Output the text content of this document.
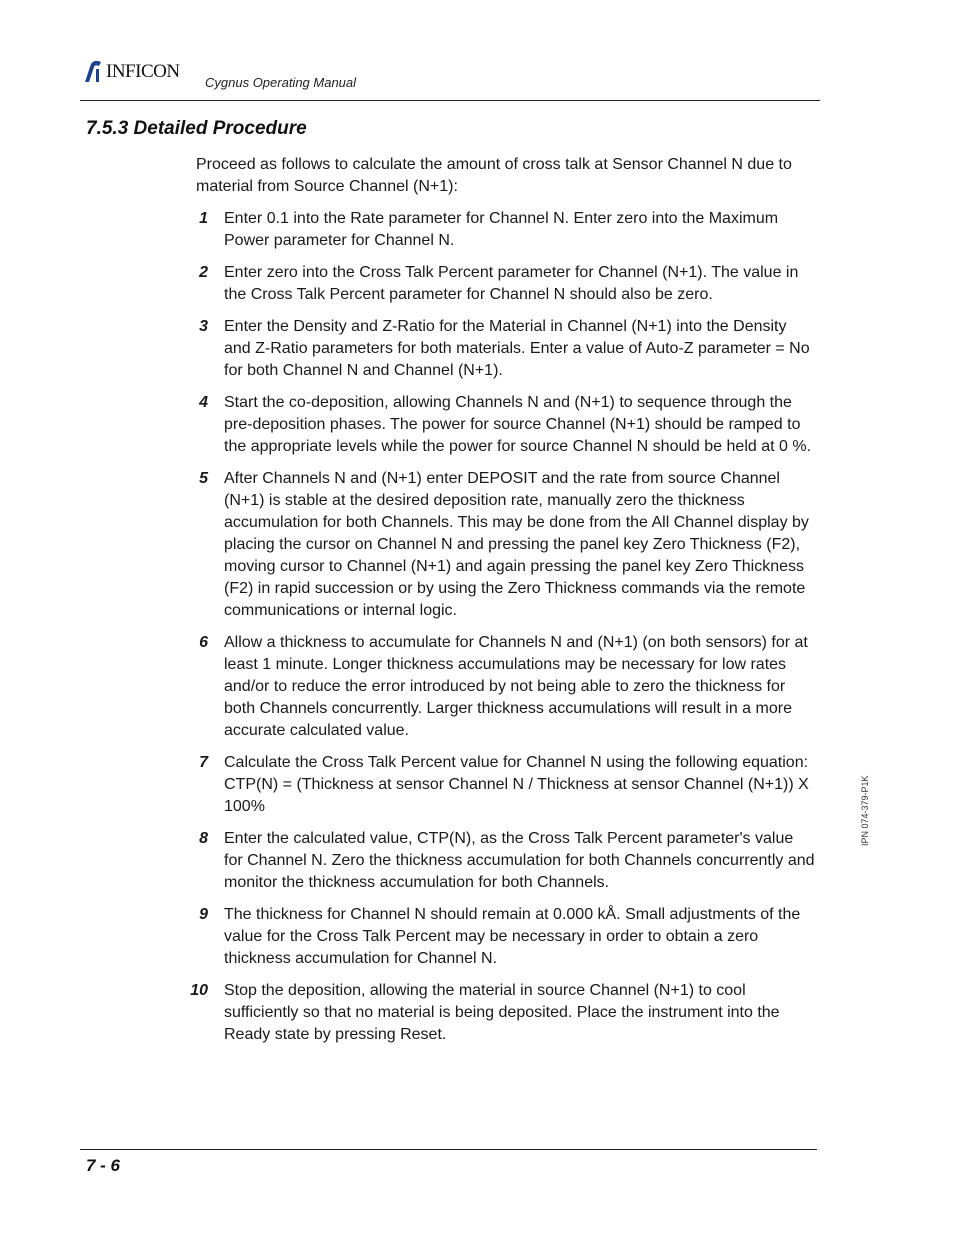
INFICON
Cygnus Operating Manual
7.5.3 Detailed Procedure

Proceed as follows to calculate the amount of cross talk at Sensor Channel N due to material from Source Channel (N+1):

1 Enter 0.1 into the Rate parameter for Channel N. Enter zero into the Maximum Power parameter for Channel N.
2 Enter zero into the Cross Talk Percent parameter for Channel (N+1). The value in the Cross Talk Percent parameter for Channel N should also be zero.
3 Enter the Density and Z-Ratio for the Material in Channel (N+1) into the Density and Z-Ratio parameters for both materials. Enter a value of Auto-Z parameter = No for both Channel N and Channel (N+1).
4 Start the co-deposition, allowing Channels N and (N+1) to sequence through the pre-deposition phases. The power for source Channel (N+1) should be ramped to the appropriate levels while the power for source Channel N should be held at 0 %.
5 After Channels N and (N+1) enter DEPOSIT and the rate from source Channel (N+1) is stable at the desired deposition rate, manually zero the thickness accumulation for both Channels. This may be done from the All Channel display by placing the cursor on Channel N and pressing the panel key Zero Thickness (F2), moving cursor to Channel (N+1) and again pressing the panel key Zero Thickness (F2) in rapid succession or by using the Zero Thickness commands via the remote communications or internal logic.
6 Allow a thickness to accumulate for Channels N and (N+1) (on both sensors) for at least 1 minute. Longer thickness accumulations may be necessary for low rates and/or to reduce the error introduced by not being able to zero the thickness for both Channels concurrently. Larger thickness accumulations will result in a more accurate calculated value.
7 Calculate the Cross Talk Percent value for Channel N using the following equation: CTP(N) = (Thickness at sensor Channel N / Thickness at sensor Channel (N+1)) X 100%
8 Enter the calculated value, CTP(N), as the Cross Talk Percent parameter's value for Channel N. Zero the thickness accumulation for both Channels concurrently and monitor the thickness accumulation for both Channels.
9 The thickness for Channel N should remain at 0.000 kÅ. Small adjustments of the value for the Cross Talk Percent may be necessary in order to obtain a zero thickness accumulation for Channel N.
10 Stop the deposition, allowing the material in source Channel (N+1) to cool sufficiently so that no material is being deposited. Place the instrument into the Ready state by pressing Reset.
IPN 074-379-P1K
7 - 6
